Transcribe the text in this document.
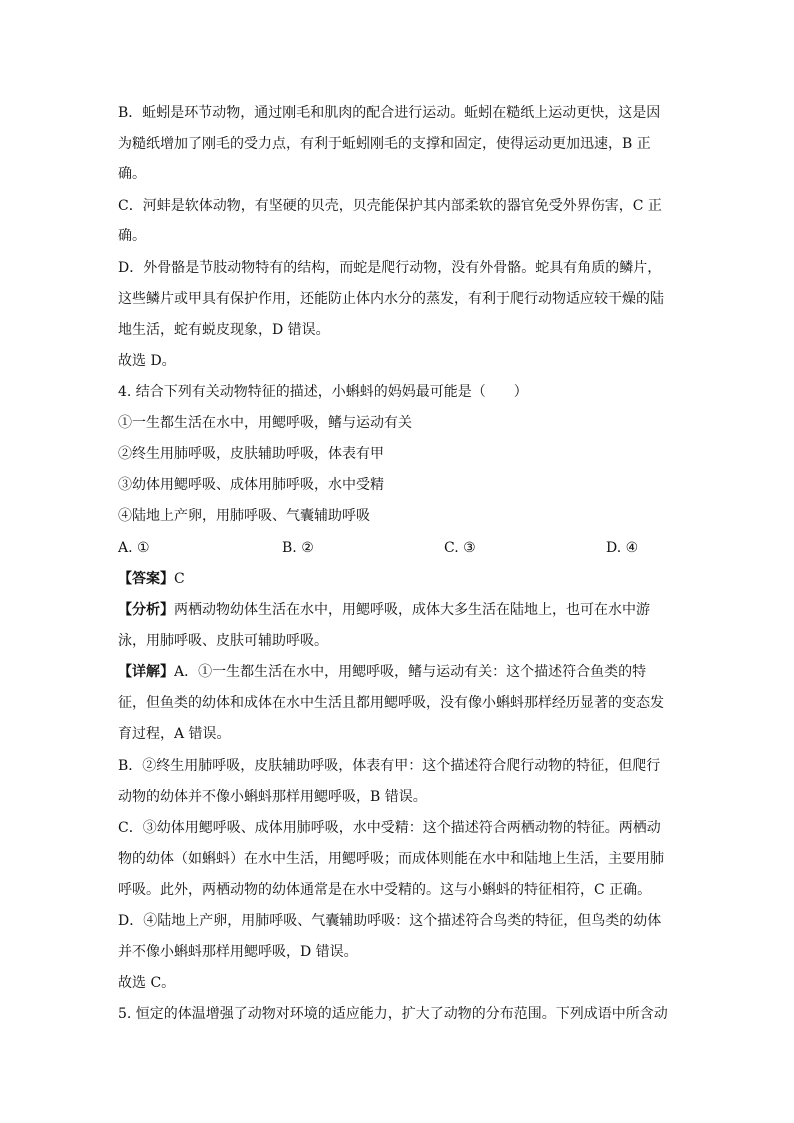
B．蚯蚓是环节动物，通过刚毛和肌肉的配合进行运动。蚯蚓在糙纸上运动更快，这是因
为糙纸增加了刚毛的受力点，有利于蚯蚓刚毛的支撑和固定，使得运动更加迅速，B 正
确。
C．河蚌是软体动物，有坚硬的贝壳，贝壳能保护其内部柔软的器官免受外界伤害，C 正
确。
D．外骨骼是节肢动物特有的结构，而蛇是爬行动物，没有外骨骼。蛇具有角质的鳞片，
这些鳞片或甲具有保护作用，还能防止体内水分的蒸发，有利于爬行动物适应较干燥的陆
地生活，蛇有蜕皮现象，D 错误。
故选 D。
4. 结合下列有关动物特征的描述，小蝌蚪的妈妈最可能是（　　）
①一生都生活在水中，用鳃呼吸，鳍与运动有关
②终生用肺呼吸，皮肤辅助呼吸，体表有甲
③幼体用鳃呼吸、成体用肺呼吸，水中受精
④陆地上产卵，用肺呼吸、气囊辅助呼吸
A. ①	B. ②	C. ③	D. ④
【答案】C
【分析】两栖动物幼体生活在水中，用鳃呼吸，成体大多生活在陆地上，也可在水中游
泳，用肺呼吸、皮肤可辅助呼吸。
【详解】A．①一生都生活在水中，用鳃呼吸，鳍与运动有关：这个描述符合鱼类的特
征，但鱼类的幼体和成体在水中生活且都用鳃呼吸，没有像小蝌蚪那样经历显著的变态发
育过程，A 错误。
B．②终生用肺呼吸，皮肤辅助呼吸，体表有甲：这个描述符合爬行动物的特征，但爬行
动物的幼体并不像小蝌蚪那样用鳃呼吸，B 错误。
C．③幼体用鳃呼吸、成体用肺呼吸，水中受精：这个描述符合两栖动物的特征。两栖动
物的幼体（如蝌蚪）在水中生活，用鳃呼吸；而成体则能在水中和陆地上生活，主要用肺
呼吸。此外，两栖动物的幼体通常是在水中受精的。这与小蝌蚪的特征相符，C 正确。
D．④陆地上产卵，用肺呼吸、气囊辅助呼吸：这个描述符合鸟类的特征，但鸟类的幼体
并不像小蝌蚪那样用鳃呼吸，D 错误。
故选 C。
5. 恒定的体温增强了动物对环境的适应能力，扩大了动物的分布范围。下列成语中所含动
